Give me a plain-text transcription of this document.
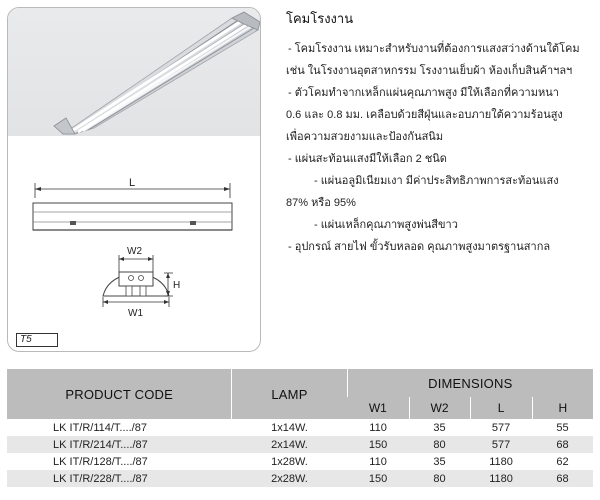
L
W2
H
W1
T5
โคมโรงงาน

- โคมโรงงาน เหมาะสำหรับงานที่ต้องการแสงสว่างด้านใต้โคม

เช่น ในโรงงานอุตสาหกรรม โรงงานเย็บผ้า ห้องเก็บสินค้าฯลฯ

- ตัวโคมทำจากเหล็กแผ่นคุณภาพสูง มีให้เลือกที่ความหนา

0.6 และ 0.8 มม. เคลือบด้วยสีฝุ่นและอบภายใต้ความร้อนสูง

เพื่อความสวยงามและป้องกันสนิม

- แผ่นสะท้อนแสงมีให้เลือก 2 ชนิด

- แผ่นอลูมิเนียมเงา มีค่าประสิทธิภาพการสะท้อนแสง

87% หรือ 95%

- แผ่นเหล็กคุณภาพสูงพ่นสีขาว

- อุปกรณ์ สายไฟ ขั้วรับหลอด คุณภาพสูงมาตรฐานสากล

PRODUCT CODE	LAMP	DIMENSIONS			
		W1	W2	L	H
LK IT/R/114/T..../87	1x14W.	110	35	577	55
LK IT/R/214/T..../87	2x14W.	150	80	577	68
LK IT/R/128/T..../87	1x28W.	110	35	1180	62
LK IT/R/228/T..../87	2x28W.	150	80	1180	68
